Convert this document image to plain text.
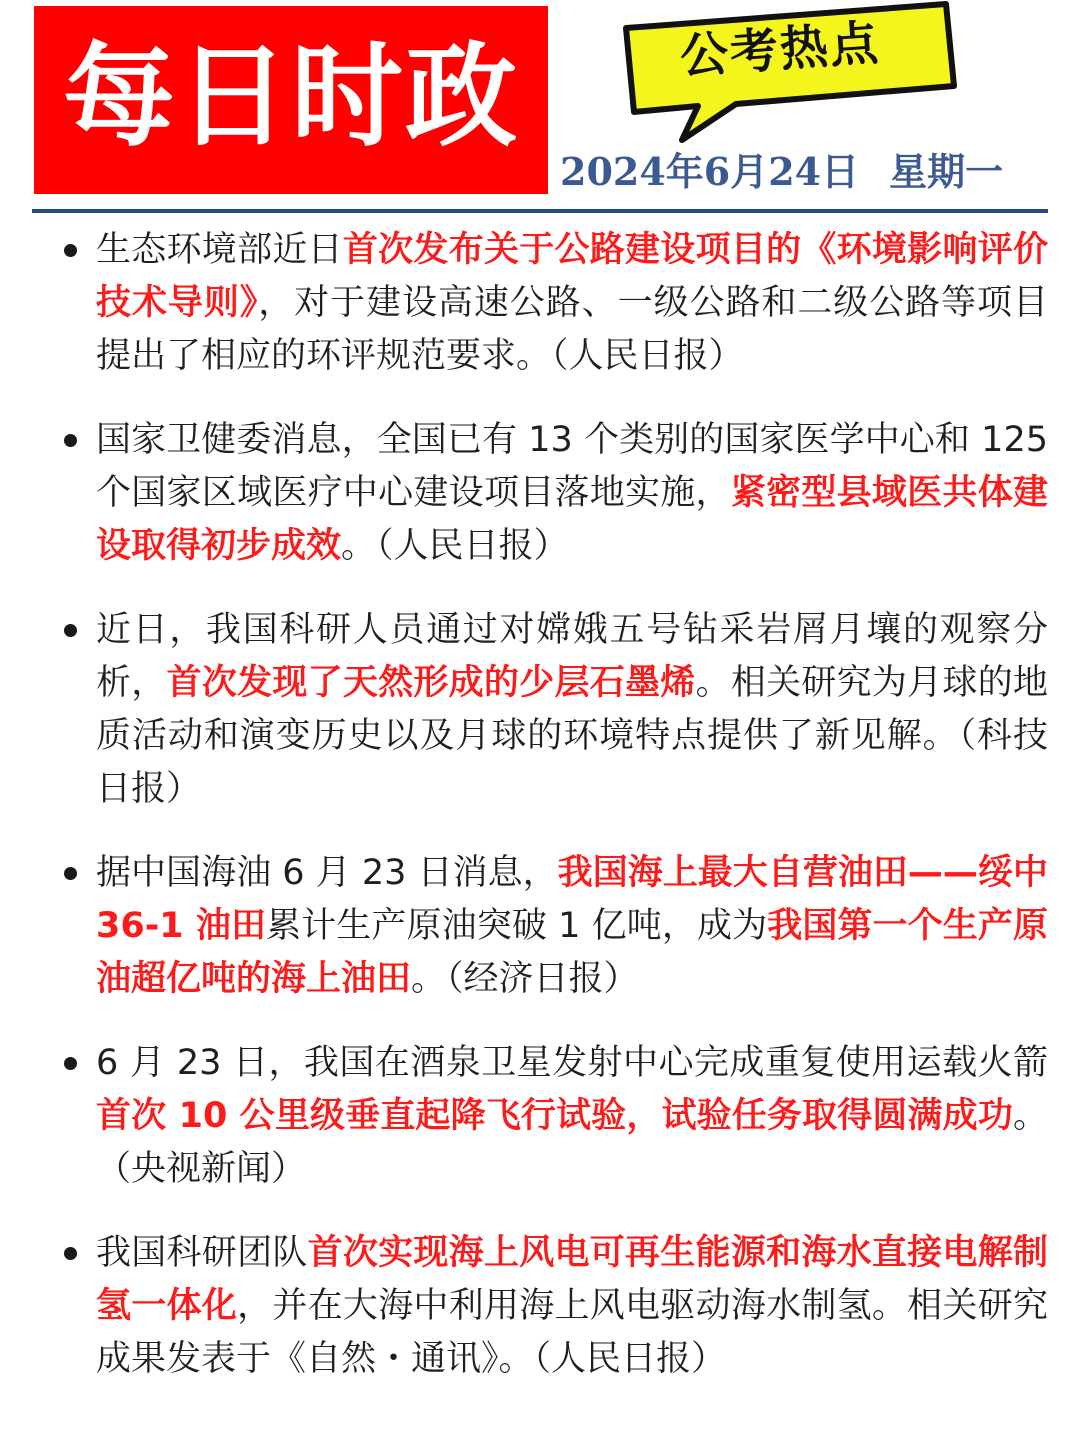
每日时政	公考热点
2024年6月24日 星期一
生态环境部近日首次发布关于公路建设项目的《环境影响评价技术导则》，对于建设高速公路、一级公路和二级公路等项目提出了相应的环评规范要求。（人民日报）
国家卫健委消息，全国已有 13 个类别的国家医学中心和 125 个国家区域医疗中心建设项目落地实施，紧密型县域医共体建设取得初步成效。（人民日报）
近日，我国科研人员通过对嫦娥五号钻采岩屑月壤的观察分析，首次发现了天然形成的少层石墨烯。相关研究为月球的地质活动和演变历史以及月球的环境特点提供了新见解。（科技日报）
据中国海油 6 月 23 日消息，我国海上最大自营油田——绥中 36-1 油田累计生产原油突破 1 亿吨，成为我国第一个生产原油超亿吨的海上油田。（经济日报）
6 月 23 日，我国在酒泉卫星发射中心完成重复使用运载火箭首次 10 公里级垂直起降飞行试验，试验任务取得圆满成功。（央视新闻）
我国科研团队首次实现海上风电可再生能源和海水直接电解制氢一体化，并在大海中利用海上风电驱动海水制氢。相关研究成果发表于《自然・通讯》。（人民日报）
